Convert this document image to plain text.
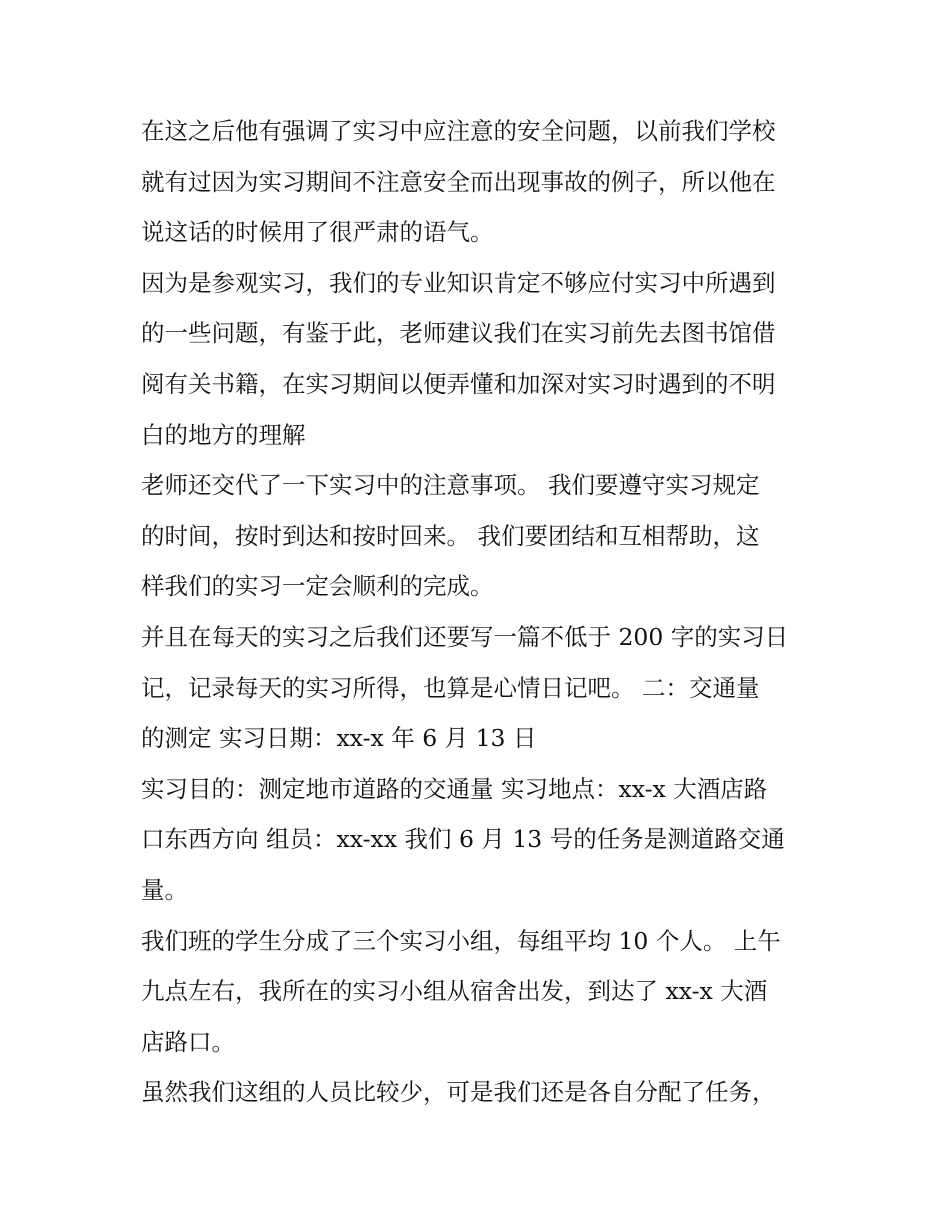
在这之后他有强调了实习中应注意的安全问题，以前我们学校
就有过因为实习期间不注意安全而出现事故的例子，所以他在
说这话的时候用了很严肃的语气。
因为是参观实习，我们的专业知识肯定不够应付实习中所遇到
的一些问题，有鉴于此，老师建议我们在实习前先去图书馆借
阅有关书籍，在实习期间以便弄懂和加深对实习时遇到的不明
白的地方的理解
老师还交代了一下实习中的注意事项。 我们要遵守实习规定
的时间，按时到达和按时回来。 我们要团结和互相帮助，这
样我们的实习一定会顺利的完成。
并且在每天的实习之后我们还要写一篇不低于 200 字的实习日
记，记录每天的实习所得，也算是心情日记吧。 二：交通量
的测定 实习日期：xx-x 年 6 月 13 日
实习目的：测定地市道路的交通量 实习地点：xx-x 大酒店路
口东西方向 组员：xx-xx 我们 6 月 13 号的任务是测道路交通
量。
我们班的学生分成了三个实习小组，每组平均 10 个人。 上午
九点左右，我所在的实习小组从宿舍出发，到达了 xx-x 大酒
店路口。
虽然我们这组的人员比较少，可是我们还是各自分配了任务，
